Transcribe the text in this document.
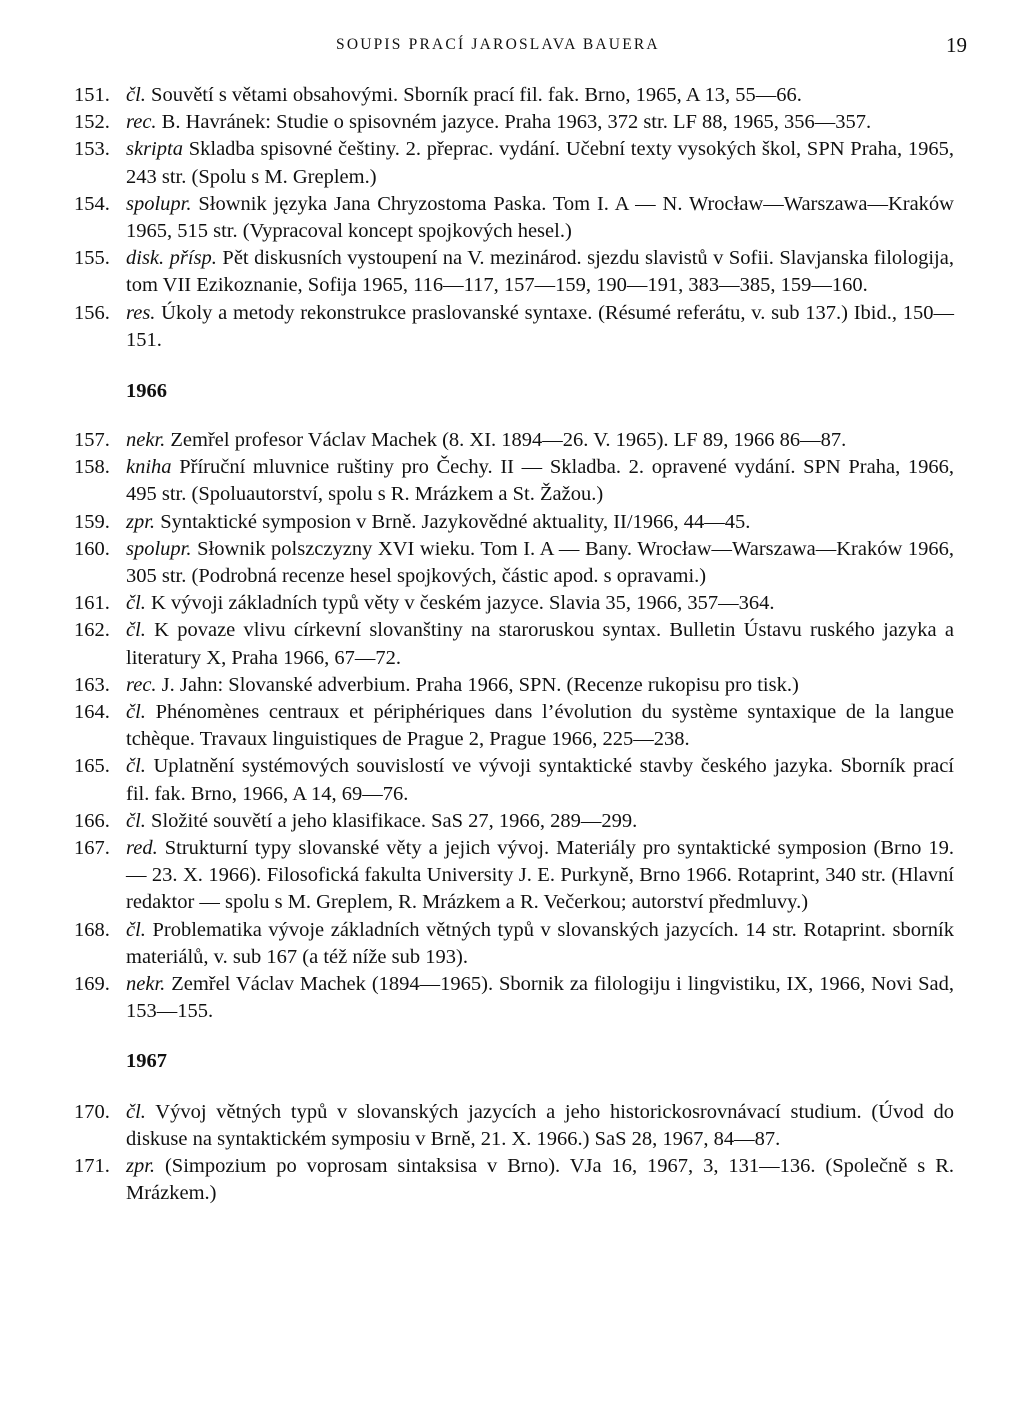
SOUPIS PRACÍ JAROSLAVA BAUERA	19
151. čl. Souvětí s větami obsahovými. Sborník prací fil. fak. Brno, 1965, A 13, 55—66.
152. rec. B. Havránek: Studie o spisovném jazyce. Praha 1963, 372 str. LF 88, 1965, 356—357.
153. skripta Skladba spisovné češtiny. 2. přeprac. vydání. Učební texty vysokých škol, SPN Praha, 1965, 243 str. (Spolu s M. Greplem.)
154. spolupr. Słownik języka Jana Chryzostoma Paska. Tom I. A — N. Wrocław—Warszawa—Kraków 1965, 515 str. (Vypracoval koncept spojkových hesel.)
155. disk. přísp. Pět diskusních vystoupení na V. mezinárod. sjezdu slavistů v Sofii. Slavjanska filologija, tom VII Ezikoznanie, Sofija 1965, 116—117, 157—159, 190—191, 383—385, 159—160.
156. res. Úkoly a metody rekonstrukce praslovanské syntaxe. (Résumé referátu, v. sub 137.) Ibid., 150—151.
1966
157. nekr. Zemřel profesor Václav Machek (8. XI. 1894—26. V. 1965). LF 89, 1966 86—87.
158. kniha Příruční mluvnice ruštiny pro Čechy. II — Skladba. 2. opravené vydání. SPN Praha, 1966, 495 str. (Spoluautorství, spolu s R. Mrázkem a St. Žažou.)
159. zpr. Syntaktické symposion v Brně. Jazykovědné aktuality, II/1966, 44—45.
160. spolupr. Słownik polszczyzny XVI wieku. Tom I. A — Bany. Wrocław—Warszawa—Kraków 1966, 305 str. (Podrobná recenze hesel spojkových, částic apod. s opravami.)
161. čl. K vývoji základních typů věty v českém jazyce. Slavia 35, 1966, 357—364.
162. čl. K povaze vlivu církevní slovanštiny na staroruskou syntax. Bulletin Ústavu ruského jazyka a literatury X, Praha 1966, 67—72.
163. rec. J. Jahn: Slovanské adverbium. Praha 1966, SPN. (Recenze rukopisu pro tisk.)
164. čl. Phénomènes centraux et périphériques dans l’évolution du système syntaxique de la langue tchèque. Travaux linguistiques de Prague 2, Prague 1966, 225—238.
165. čl. Uplatnění systémových souvislostí ve vývoji syntaktické stavby českého jazyka. Sborník prací fil. fak. Brno, 1966, A 14, 69—76.
166. čl. Složité souvětí a jeho klasifikace. SaS 27, 1966, 289—299.
167. red. Strukturní typy slovanské věty a jejich vývoj. Materiály pro syntaktické symposion (Brno 19. — 23. X. 1966). Filosofická fakulta University J. E. Purkyně, Brno 1966. Rotaprint, 340 str. (Hlavní redaktor — spolu s M. Greplem, R. Mrázkem a R. Večerkou; autorství předmluvy.)
168. čl. Problematika vývoje základních větných typů v slovanských jazycích. 14 str. Rotaprint. sborník materiálů, v. sub 167 (a též níže sub 193).
169. nekr. Zemřel Václav Machek (1894—1965). Sbornik za filologiju i lingvistiku, IX, 1966, Novi Sad, 153—155.
1967
170. čl. Vývoj větných typů v slovanských jazycích a jeho historickosrovnávací studium. (Úvod do diskuse na syntaktickém symposiu v Brně, 21. X. 1966.) SaS 28, 1967, 84—87.
171. zpr. (Simpozium po voprosam sintaksisa v Brno). VJa 16, 1967, 3, 131—136. (Společně s R. Mrázkem.)
